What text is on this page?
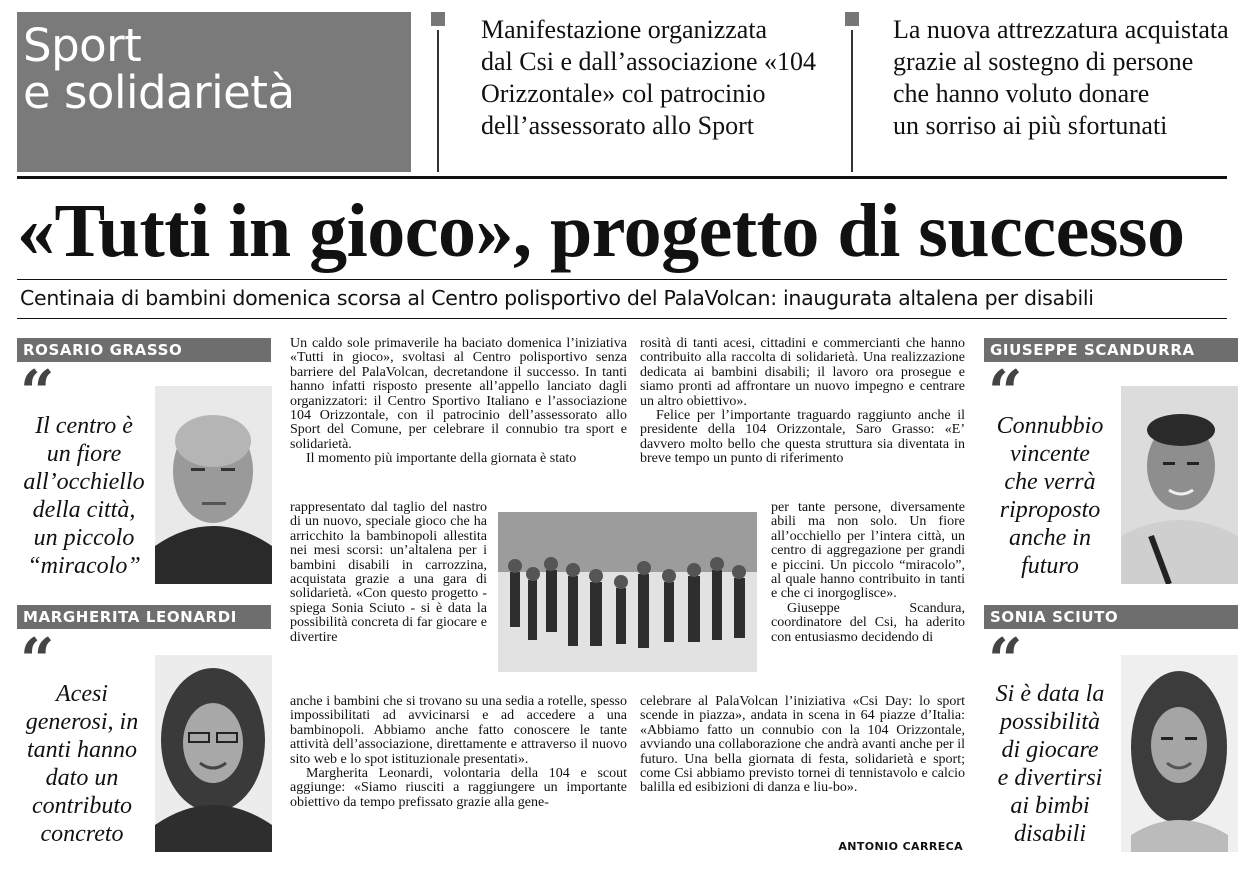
Sport
e solidarietà
Manifestazione organizzata
dal Csi e dall’associazione «104
Orizzontale» col patrocinio
dell’assessorato allo Sport
La nuova attrezzatura acquistata
grazie al sostegno di persone
che hanno voluto donare
un sorriso ai più sfortunati
«Tutti in gioco», progetto di successo
Centinaia di bambini domenica scorsa al Centro polisportivo del PalaVolcan: inaugurata altalena per disabili
ROSARIO GRASSO
“
Il centro è
un fiore
all’occhiello
della città,
un piccolo
“miracolo”
MARGHERITA LEONARDI
“ Acesi
generosi, in
tanti hanno
dato un
contributo
concreto
GIUSEPPE SCANDURRA
“
Connubbio
vincente
che verrà
riproposto
anche in
futuro
SONIA SCIUTO
“
Si è data la
possibilità
di giocare
e divertirsi
ai bimbi
disabili

Un caldo sole primaverile ha baciato domenica l’iniziativa «Tutti in gioco», svoltasi al Centro polisportivo senza barriere del PalaVolcan, decretandone il successo. In tanti hanno infatti risposto presente all’appello lanciato dagli organizzatori: il Centro Sportivo Italiano e l’associazione 104 Orizzontale, con il patrocinio dell’assessorato allo Sport del Comune, per celebrare il connubio tra sport e solidarietà.

Il momento più importante della giornata è stato

rappresentato dal taglio del nastro di un nuovo, speciale gioco che ha arricchito la bambinopoli allestita nei mesi scorsi: un’altalena per i bambini disabili in carrozzina, acquistata grazie a una gara di solidarietà. «Con questo progetto - spiega Sonia Sciuto - si è data la possibilità concreta di far giocare e divertire

anche i bambini che si trovano su una sedia a rotelle, spesso impossibilitati ad avvicinarsi e ad accedere a una bambinopoli. Abbiamo anche fatto conoscere le tante attività dell’associazione, direttamente e attraverso il nuovo sito web e lo spot istituzionale presentati».

Margherita Leonardi, volontaria della 104 e scout aggiunge: «Siamo riusciti a raggiungere un importante obiettivo da tempo prefissato grazie alla gene-

rosità di tanti acesi, cittadini e commercianti che hanno contribuito alla raccolta di solidarietà. Una realizzazione dedicata ai bambini disabili; il lavoro ora prosegue e siamo pronti ad affrontare un nuovo impegno e centrare un altro obiettivo».

Felice per l’importante traguardo raggiunto anche il presidente della 104 Orizzontale, Saro Grasso: «E’ davvero molto bello che questa struttura sia diventata in breve tempo un punto di riferimento

per tante persone, diversamente abili ma non solo. Un fiore all’occhiello per l’intera città, un centro di aggregazione per grandi e piccini. Un piccolo “miracolo”, al quale hanno contribuito in tanti e che ci inorgoglisce».

Giuseppe Scandura, coordinatore del Csi, ha aderito con entusiasmo decidendo di

celebrare al PalaVolcan l’iniziativa «Csi Day: lo sport scende in piazza», andata in scena in 64 piazze d’Italia: «Abbiamo fatto un connubio con la 104 Orizzontale, avviando una collaborazione che andrà avanti anche per il futuro. Una bella giornata di festa, solidarietà e sport; come Csi abbiamo previsto tornei di tennistavolo e calcio balilla ed esibizioni di danza e liu-bo».

ANTONIO CARRECA
